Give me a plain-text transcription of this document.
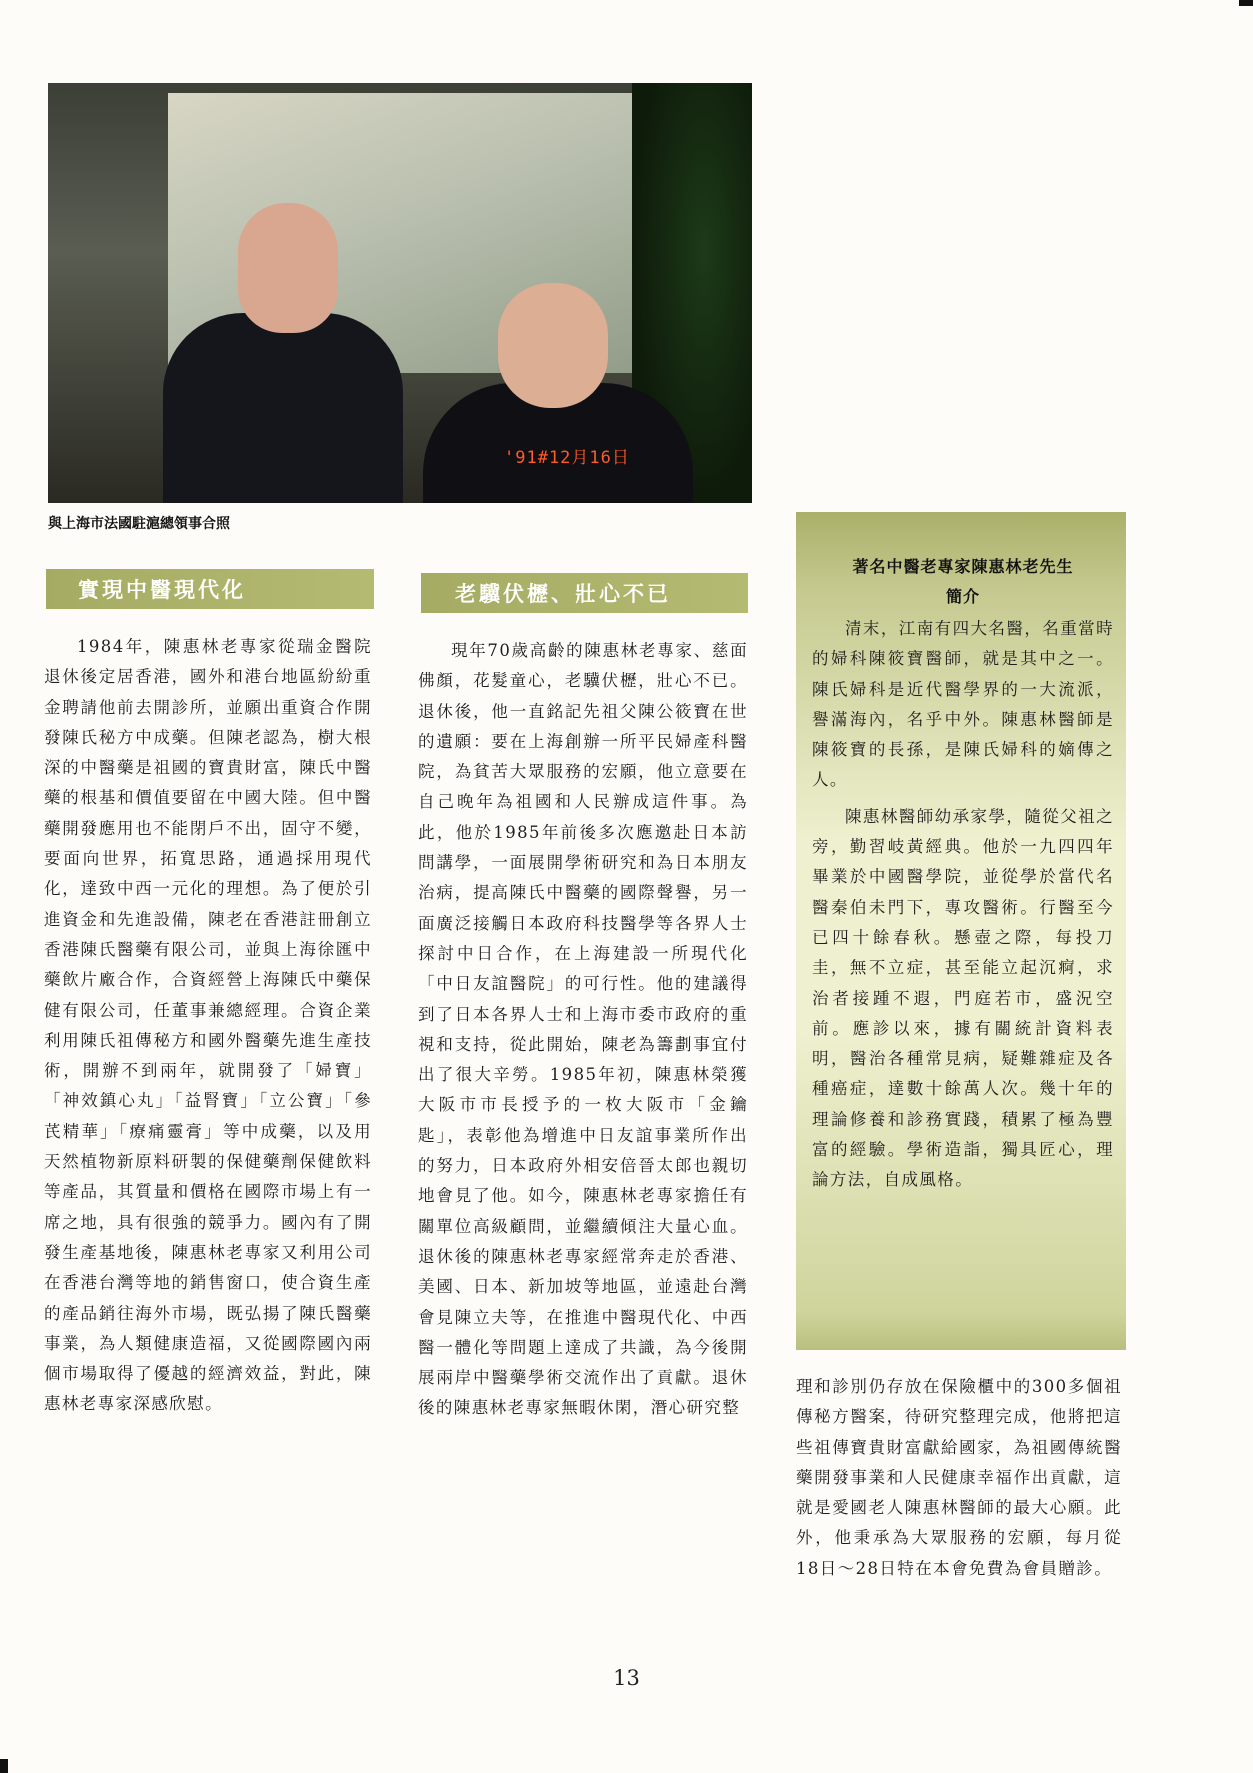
'91#12月16日
與上海市法國駐滬總領事合照
實現中醫現代化

1984年，陳惠林老專家從瑞金醫院退休後定居香港，國外和港台地區紛紛重金聘請他前去開診所，並願出重資合作開發陳氏秘方中成藥。但陳老認為，樹大根深的中醫藥是祖國的寶貴財富，陳氏中醫藥的根基和價值要留在中國大陸。但中醫藥開發應用也不能閉戶不出，固守不變，要面向世界，拓寬思路，通過採用現代化，達致中西一元化的理想。為了便於引進資金和先進設備，陳老在香港註冊創立香港陳氏醫藥有限公司，並與上海徐匯中藥飲片廠合作，合資經營上海陳氏中藥保健有限公司，任董事兼總經理。合資企業利用陳氏祖傳秘方和國外醫藥先進生產技術，開辦不到兩年，就開發了「婦寶」「神效鎮心丸」「益腎寶」「立公寶」「參芪精華」「療痛靈膏」等中成藥，以及用天然植物新原料研製的保健藥劑保健飲料等產品，其質量和價格在國際市場上有一席之地，具有很強的競爭力。國內有了開發生產基地後，陳惠林老專家又利用公司在香港台灣等地的銷售窗口，使合資生產的產品銷往海外市場，既弘揚了陳氏醫藥事業，為人類健康造福，又從國際國內兩個市場取得了優越的經濟效益，對此，陳惠林老專家深感欣慰。

老驥伏櫪、壯心不已

現年70歲高齡的陳惠林老專家、慈面佛顏，花髮童心，老驥伏櫪，壯心不已。退休後，他一直銘記先祖父陳公筱寶在世的遺願：要在上海創辦一所平民婦產科醫院，為貧苦大眾服務的宏願，他立意要在自己晚年為祖國和人民辦成這件事。為此，他於1985年前後多次應邀赴日本訪問講學，一面展開學術研究和為日本朋友治病，提高陳氏中醫藥的國際聲譽，另一面廣泛接觸日本政府科技醫學等各界人士探討中日合作，在上海建設一所現代化「中日友誼醫院」的可行性。他的建議得到了日本各界人士和上海市委市政府的重視和支持，從此開始，陳老為籌劃事宜付出了很大辛勞。1985年初，陳惠林榮獲大阪市市長授予的一枚大阪市「金鑰匙」，表彰他為增進中日友誼事業所作出的努力，日本政府外相安倍晉太郎也親切地會見了他。如今，陳惠林老專家擔任有關單位高級顧問，並繼續傾注大量心血。退休後的陳惠林老專家經常奔走於香港、美國、日本、新加坡等地區，並遠赴台灣會見陳立夫等，在推進中醫現代化、中西醫一體化等問題上達成了共識，為今後開展兩岸中醫藥學術交流作出了貢獻。退休後的陳惠林老專家無暇休閑，潛心研究整

著名中醫老專家陳惠林老先生
簡介

清末，江南有四大名醫，名重當時的婦科陳筱寶醫師，就是其中之一。陳氏婦科是近代醫學界的一大流派，譽滿海內，名乎中外。陳惠林醫師是陳筱寶的長孫，是陳氏婦科的嫡傳之人。

陳惠林醫師幼承家學，隨從父祖之旁，勤習岐黃經典。他於一九四四年畢業於中國醫學院，並從學於當代名醫秦伯未門下，專攻醫術。行醫至今已四十餘春秋。懸壺之際，每投刀圭，無不立症，甚至能立起沉痾，求治者接踵不遐，門庭若市，盛況空前。應診以來，據有關統計資料表明，醫治各種常見病，疑難雜症及各種癌症，達數十餘萬人次。幾十年的理論修養和診務實踐，積累了極為豐富的經驗。學術造詣，獨具匠心，理論方法，自成風格。

理和診別仍存放在保險櫃中的300多個祖傳秘方醫案，待研究整理完成，他將把這些祖傳寶貴財富獻給國家，為祖國傳統醫藥開發事業和人民健康幸福作出貢獻，這就是愛國老人陳惠林醫師的最大心願。此外，他秉承為大眾服務的宏願，每月從18日～28日特在本會免費為會員贈診。

13
